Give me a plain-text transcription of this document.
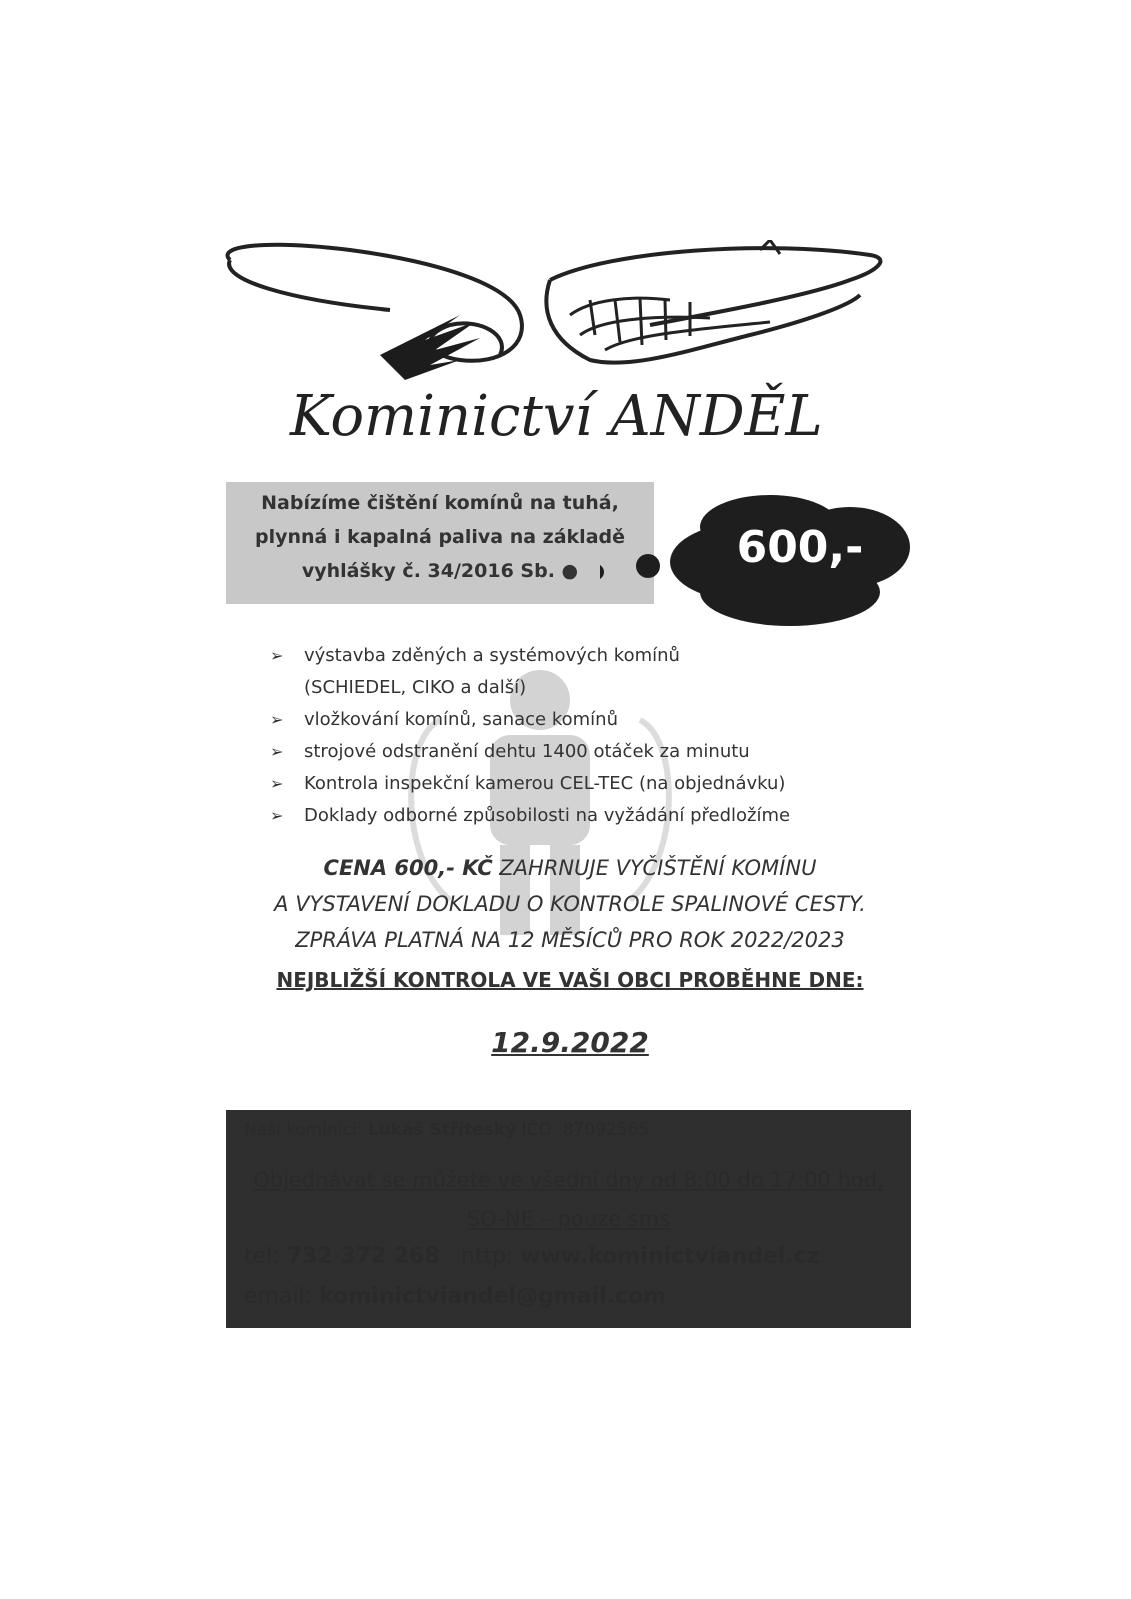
Kominictví ANDĚL
Nabízíme čištění komínů na tuhá,
plynná i kapalná paliva na základě
vyhlášky č. 34/2016 Sb. ●	600,-
➢ výstavba zděných a systémových komínů
(SCHIEDEL, CIKO a další)
➢ vložkování komínů, sanace komínů
➢ strojové odstranění dehtu 1400 otáček za minutu
➢ Kontrola inspekční kamerou CEL-TEC (na objednávku)
➢ Doklady odborné způsobilosti na vyžádání předložíme
CENA 600,- KČ ZAHRNUJE VYČIŠTĚNÍ KOMÍNU
A VYSTAVENÍ DOKLADU O KONTROLE SPALINOVÉ CESTY.
ZPRÁVA PLATNÁ NA 12 MĚSÍCŮ PRO ROK 2022/2023
NEJBLIŽŠÍ KONTROLA VE VAŠI OBCI PROBĚHNE DNE:
12.9.2022
Naši kominíci: Lukáš Stříteský IČO: 87092565
Objednávat se můžete ve všední dny od 8:00 do 17:00 hod,
SO-NE – pouze sms
tel: 732 372 268 http: www.kominictviandel.cz
email: kominictviandel@gmail.com
